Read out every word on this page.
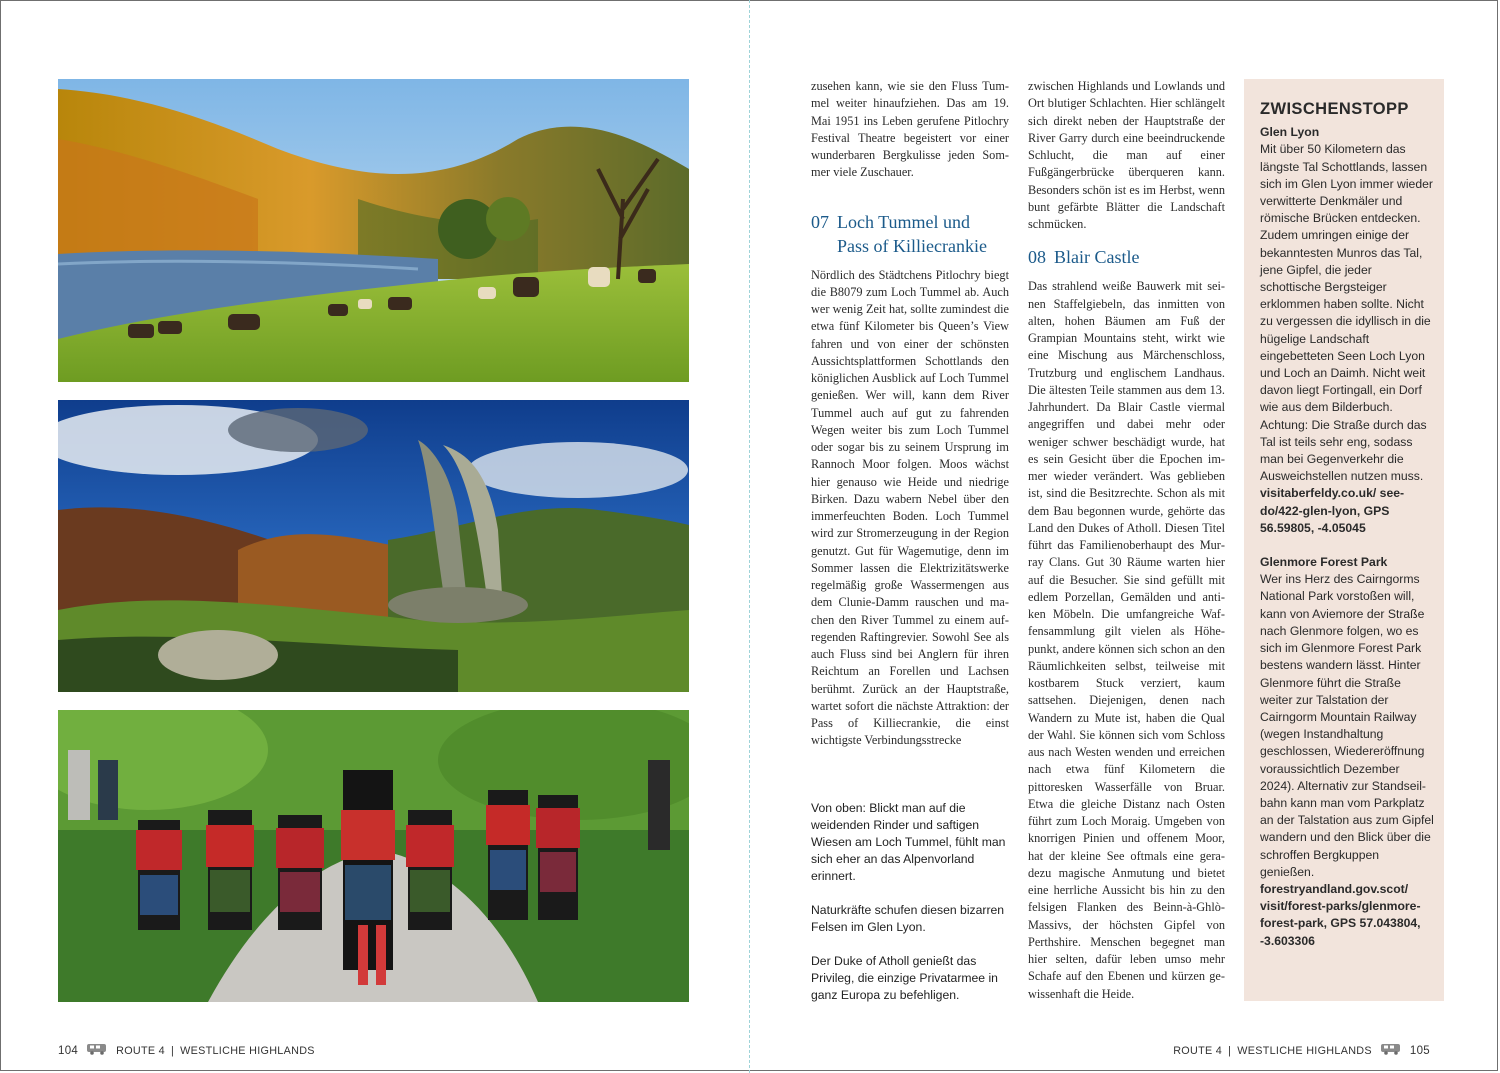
zusehen kann, wie sie den Fluss Tummel weiter hinaufziehen. Das am 19. Mai 1951 ins Leben gerufene Pitlochry Festival Theatre begeistert vor einer wunderbaren Bergkulisse jeden Sommer viele Zuschauer.

07 Loch Tummel und
Pass of Killiecrankie

Nördlich des Städtchens Pitlochry biegt die B8079 zum Loch Tummel ab. Auch wer wenig Zeit hat, sollte zumindest die etwa fünf Kilometer bis Queen’s View fahren und von einer der schönsten Aussichtsplattformen Schottlands den königlichen Ausblick auf Loch Tummel genießen. Wer will, kann dem River Tummel auch auf gut zu fahrenden Wegen weiter bis zum Loch Tummel oder sogar bis zu seinem Ursprung im Rannoch Moor folgen. Moos wächst hier genauso wie Heide und niedrige Birken. Dazu wabern Nebel über den immerfeuchten Boden. Loch Tummel wird zur Stromerzeugung in der Region genutzt. Gut für Wagemutige, denn im Sommer lassen die Elektrizitätswerke regelmäßig große Wassermengen aus dem Clunie-Damm rauschen und machen den River Tummel zu einem aufregenden Raftingrevier. Sowohl See als auch Fluss sind bei Anglern für ihren Reichtum an Forellen und Lachsen berühmt. Zurück an der Hauptstraße, wartet sofort die nächste Attraktion: der Pass of Killiecrankie, die einst wichtigste Verbindungsstrecke

Von oben: Blickt man auf die weidenden Rinder und saftigen Wiesen am Loch Tummel, fühlt man sich eher an das Alpenvorland erinnert.

Naturkräfte schufen diesen bizarren Felsen im Glen Lyon.

Der Duke of Atholl genießt das Privileg, die einzige Privatarmee in ganz Europa zu befehligen.

zwischen Highlands und Lowlands und Ort blutiger Schlachten. Hier schlängelt sich direkt neben der Hauptstraße der River Garry durch eine beeindruckende Schlucht, die man auf einer Fußgängerbrücke überqueren kann. Besonders schön ist es im Herbst, wenn bunt gefärbte Blätter die Landschaft schmücken.

08 Blair Castle

Das strahlend weiße Bauwerk mit seinen Staffelgiebeln, das inmitten von alten, hohen Bäumen am Fuß der Grampian Mountains steht, wirkt wie eine Mischung aus Märchenschloss, Trutzburg und englischem Landhaus. Die ältesten Teile stammen aus dem 13. Jahrhundert. Da Blair Castle viermal angegriffen und dabei mehr oder weniger schwer beschädigt wurde, hat es sein Gesicht über die Epochen immer wieder verändert. Was geblieben ist, sind die Besitzrechte. Schon als mit dem Bau begonnen wurde, gehörte das Land den Dukes of Atholl. Diesen Titel führt das Familienoberhaupt des Murray Clans. Gut 30 Räume warten hier auf die Besucher. Sie sind gefüllt mit edlem Porzellan, Gemälden und antiken Möbeln. Die umfangreiche Waffensammlung gilt vielen als Höhepunkt, andere können sich schon an den Räumlichkeiten selbst, teilweise mit kostbarem Stuck verziert, kaum sattsehen. Diejenigen, denen nach Wandern zu Mute ist, haben die Qual der Wahl. Sie können sich vom Schloss aus nach Westen wenden und erreichen nach etwa fünf Kilometern die pittoresken Wasserfälle von Bruar. Etwa die gleiche Distanz nach Osten führt zum Loch Moraig. Umgeben von knorrigen Pinien und offenem Moor, hat der kleine See oftmals eine geradezu magische Anmutung und bietet eine herrliche Aussicht bis hin zu den felsigen Flanken des Beinn-à-Ghlò-Massivs, der höchsten Gipfel von Perthshire. Menschen begegnet man hier selten, dafür leben umso mehr Schafe auf den Ebenen und kürzen gewissenhaft die Heide.

ZWISCHENSTOPP

Glen Lyon

Mit über 50 Kilometern das längste Tal Schottlands, lassen sich im Glen Lyon immer wieder verwitterte Denkmäler und römische Brücken entdecken. Zudem umringen einige der bekanntesten Munros das Tal, jene Gipfel, die jeder schottische Bergsteiger erklommen haben sollte. Nicht zu vergessen die idyllisch in die hügelige Landschaft eingebetteten Seen Loch Lyon und Loch an Daimh. Nicht weit davon liegt Fortingall, ein Dorf wie aus dem Bilderbuch. Achtung: Die Straße durch das Tal ist teils sehr eng, sodass man bei Gegenverkehr die Ausweichstellen nutzen muss.

visitaberfeldy.co.uk/ see-do/422-glen-lyon, GPS 56.59805, -4.05045

Glenmore Forest Park

Wer ins Herz des Cairngorms National Park vorstoßen will, kann von Aviemore der Straße nach Glenmore folgen, wo es sich im Glenmore Forest Park bestens wandern lässt. Hinter Glenmore führt die Straße weiter zur Talstation der Cairngorm Mountain Railway (wegen Instandhaltung geschlossen, Wiedereröffnung voraussichtlich Dezember 2024). Alternativ zur Standseilbahn kann man vom Parkplatz an der Talstation aus zum Gipfel wandern und den Blick über die schroffen Bergkuppen genießen.

forestryandland.gov.scot/ visit/forest-parks/glenmore-forest-park, GPS 57.043804, -3.603306

104	ROUTE 4 | WESTLICHE HIGHLANDS	ROUTE 4 | WESTLICHE HIGHLANDS	105
